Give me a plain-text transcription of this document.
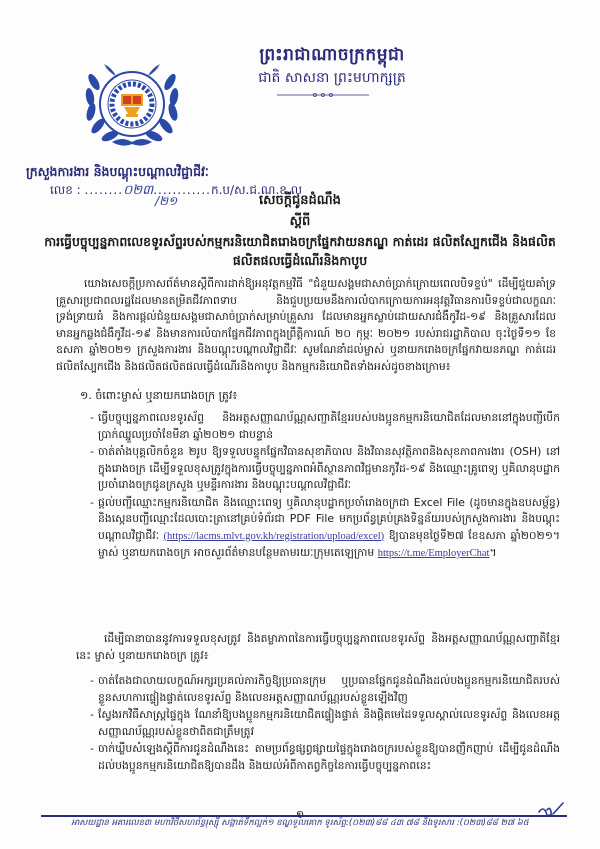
ព្រះរាជាណាចក្រកម្ពុជា
ជាតិ សាសនា ព្រះមហាក្សត្រ
ក្រសួងការងារ និងបណ្តុះបណ្តាលវិជ្ជាជីវៈ
លេខ : ........០២៣............ក.ប/ស.ជ.ណ.ខ.ល
/២១	សេចក្តីជូនដំណឹង
ស្តីពី
ការធ្វើបច្ចុប្បន្នភាពលេខទូរស័ព្ទរបស់កម្មករនិយោជិតរោងចក្រផ្នែកវាយនភណ្ឌ កាត់ដេរ ផលិតស្បែកជើង និងផលិតផលិតផលធ្វើដំណើរនិងកាបូប
យោងសេចក្តីប្រកាសព័ត៌មានស្តីពីការដាក់ឱ្យអនុវត្តកម្មវិធី "ជំនួយសង្គមជាសាច់ប្រាក់ក្រោយពេលបិទខ្ទប់" ដើម្បីជួយគាំទ្រគ្រួសារប្រជាពលរដ្ឋដែលមានតម្រិតជីវភាពទាប និងជួបប្រយមនឹងការលំបាកក្រោយការអនុវត្តវិធានការបិទខ្ទប់ជាលក្ខណៈទ្រង់ទ្រាយធំ និងការផ្តល់ជំនួយសង្គមជាសាច់ប្រាក់សម្រាប់គ្រួសារ ដែលមានអ្នកស្លាប់ដោយសារជំងឺកូវីដ-១៩ និងគ្រួសារដែលមានអ្នកឆ្លងជំងឺកូវីដ-១៩ និងមានការលំបាកផ្នែកជីវភាពក្នុងព្រឹត្តិការណ៍ ២០ កុម្ភៈ ២០២១ របស់រាជរដ្ឋាភិបាល ចុះថ្ងៃទី១១ ខែឧសភា ឆ្នាំ២០២១ ក្រសួងការងារ និងបណ្តុះបណ្តាលវិជ្ជាជីវៈ សូមណែនាំដល់ម្ចាស់ ឬនាយករោងចក្រផ្នែកវាយនភណ្ឌ កាត់ដេរ ផលិតស្បែកជើង និងផលិតផលិតផលធ្វើដំណើរនិងកាបូប និងកម្មករនិយោជិតទាំងអស់ដូចខាងក្រោម៖
១. ចំពោះម្ចាស់ ឬនាយករោងចក្រ ត្រូវ៖
- ធ្វើបច្ចុប្បន្នភាពលេខទូរស័ព្ទ និងអត្តសញ្ញាណប័ណ្ណសញ្ជាតិខ្មែររបស់បងប្អូនកម្មករនិយោជិតដែលមាននៅក្នុងបញ្ជីបើកប្រាក់ឈ្នួលប្រចាំខែមីនា ឆ្នាំ២០២១ ជាបន្ទាន់
- ចាត់តាំងបុគ្គលិកចំនួន ២រូប ឱ្យទទួលបន្ទុកផ្នែកវិធានសុខាភិបាល និងវិធានសុវត្ថិភាពនិងសុខភាពការងារ (OSH) នៅក្នុងរោងចក្រ ដើម្បីទទួលខុសត្រូវក្នុងការធ្វើបច្ចុប្បន្នភាពអំពីស្ថានភាពវិជ្ជមានកូវីដ-១៩ និងឈ្មោះគ្រូពេទ្យ ឬគិលានុបដ្ឋាកប្រចាំរោងចក្រជូនក្រសួង ឬមន្ទីរការងារ និងបណ្តុះបណ្តាលវិជ្ជាជីវៈ
- ផ្តល់បញ្ជីឈ្មោះកម្មករនិយោជិត និងឈ្មោះពេទ្យ ឬគិលានុបដ្ឋាកប្រចាំរោងចក្រជា Excel File (ដូចមានក្នុងឧបសម្ព័ន្ធ) និងស្កេនបញ្ជីឈ្មោះដែលបោះត្រានៅគ្រប់ទំព័រជា PDF File មកប្រព័ន្ធគ្រប់គ្រងទិន្នន័យរបស់ក្រសួងការងារ និងបណ្តុះបណ្តាលវិជ្ជាជីវៈ (https://lacms.mlvt.gov.kh/registration/upload/excel) ឱ្យបានមុនថ្ងៃទី២៧ ខែឧសភា ឆ្នាំ២០២១។ ម្ចាស់ ឬនាយករោងចក្រ អាចសួរព័ត៌មានបន្ថែមតាមរយៈក្រុមតេឡេក្រាម https://t.me/EmployerChat។
ដើម្បីធានាបាននូវការទទួលខុសត្រូវ និងតម្លាភាពនៃការធ្វើបច្ចុប្បន្នភាពលេខទូរស័ព្ទ និងអត្តសញ្ញាណប័ណ្ណសញ្ជាតិខ្មែរនេះ ម្ចាស់ ឬនាយករោងចក្រ ត្រូវ៖
- ចាត់តែងជាលាយលក្ខណ៍អក្សរប្រគល់ភារកិច្ចឱ្យប្រធានក្រុម ឬប្រធានផ្នែកជូនដំណឹងដល់បងប្អូនកម្មករនិយោជិតរបស់ខ្លួនសហការផ្ទៀងផ្ទាត់លេខទូរស័ព្ទ និងលេខអត្តសញ្ញាណប័ណ្ណរបស់ខ្លួនឡើងវិញ
- ស្វែងរកវិធីសាស្ត្រផ្ទៃក្នុង ណែនាំឱ្យបងប្អូនកម្មករនិយោជិតផ្ទៀងផ្ទាត់ និងផ្តិតមេដៃទទួលស្គាល់លេខទូរស័ព្ទ និងលេខអត្តសញ្ញាណប័ណ្ណរបស់ខ្លួនថាពិតជាត្រឹមត្រូវ
- ចាក់ឃ្លីបសំឡេងស្តីពីការជូនដំណឹងនេះ តាមប្រព័ន្ធផ្សព្វផ្សាយផ្ទៃក្នុងរោងចក្ររបស់ខ្លួនឱ្យបានញឹកញាប់ ដើម្បីជូនដំណឹងដល់បងប្អូនកម្មករនិយោជិតឱ្យបានដឹង និងយល់អំពីកាតព្វកិច្ចនៃការធ្វើបច្ចុប្បន្នភាពនេះ
អាសយដ្ឋាន អគារលេខ៣ មហាវិថីសហព័ន្ធរុស្ស៊ី សង្កាត់ទឹកល្អក់១ ខណ្ឌទួលគោក ទូរស័ព្ទ:(០២៣)៨៨ ៤៣ ៧៨ និងទូរសារ :(០២៣)៨៨ ២៧ ៦៥
